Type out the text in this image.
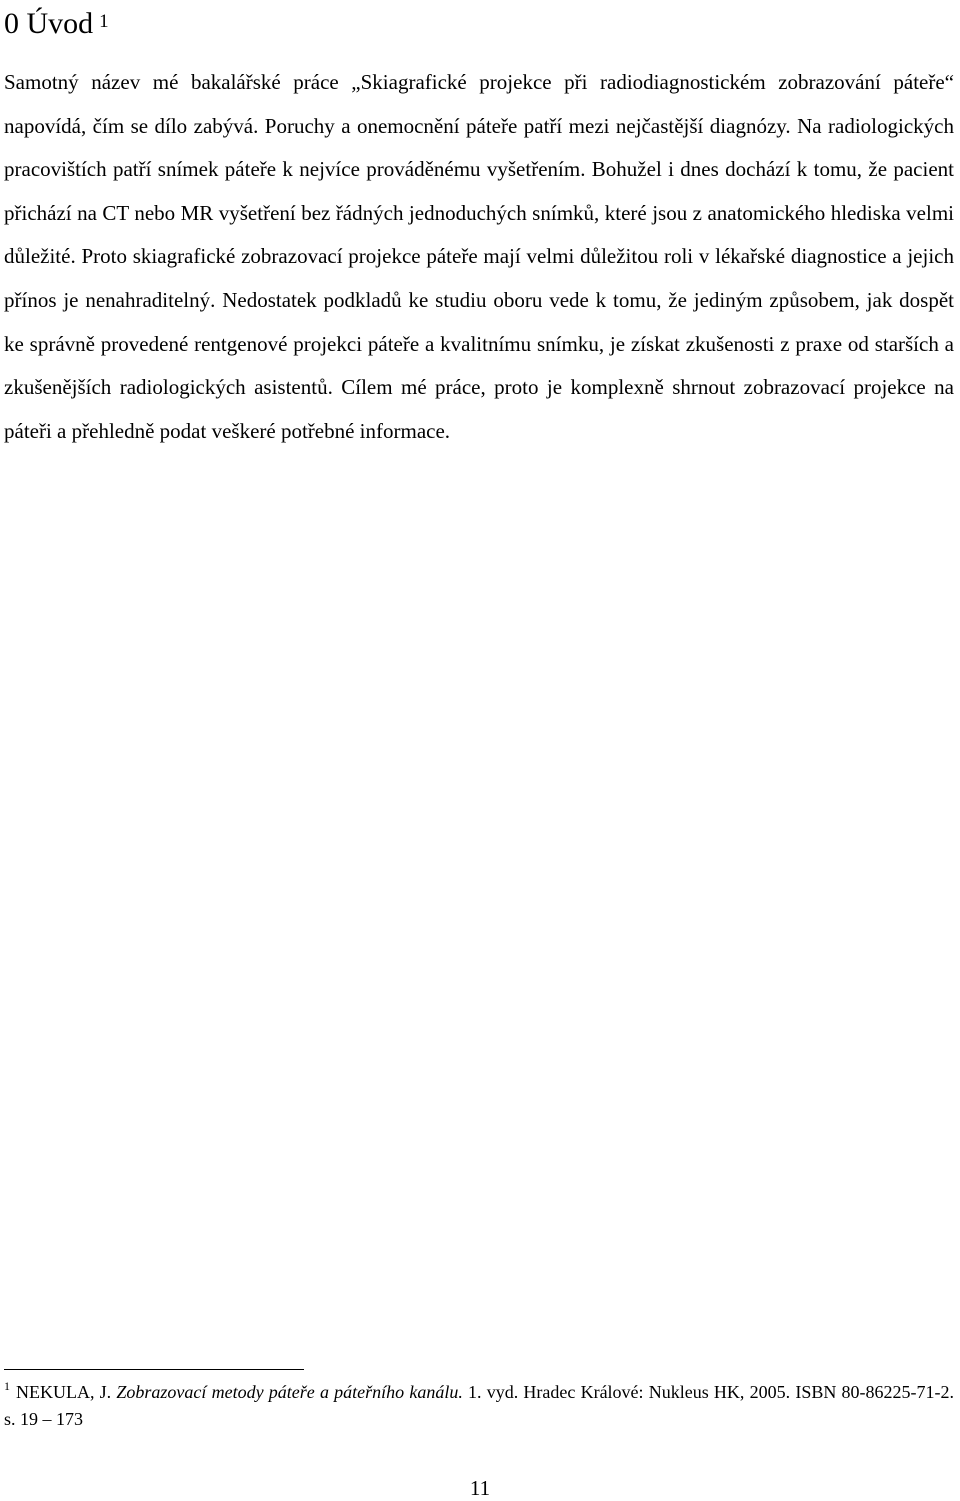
0 Úvod $^1$

Samotný název mé bakalářské práce „Skiagrafické projekce při radiodiagnostickém zobrazování páteře“ napovídá, čím se dílo zabývá. Poruchy a onemocnění páteře patří mezi nejčastější diagnózy. Na radiologických pracovištích patří snímek páteře k nejvíce prováděnému vyšetřením. Bohužel i dnes dochází k tomu, že pacient přichází na CT nebo MR vyšetření bez řádných jednoduchých snímků, které jsou z anatomického hlediska velmi důležité. Proto skiagrafické zobrazovací projekce páteře mají velmi důležitou roli v lékařské diagnostice a jejich přínos je nenahraditelný. Nedostatek podkladů ke studiu oboru vede k tomu, že jediným způsobem, jak dospět ke správně provedené rentgenové projekci páteře a kvalitnímu snímku, je získat zkušenosti z praxe od starších a zkušenějších radiologických asistentů. Cílem mé práce, proto je komplexně shrnout zobrazovací projekce na páteři a přehledně podat veškeré potřebné informace.

$^1$ NEKULA, J. Zobrazovací metody páteře a páteřního kanálu. 1. vyd. Hradec Králové: Nukleus HK, 2005. ISBN 80-86225-71-2. s. 19 – 173

11
